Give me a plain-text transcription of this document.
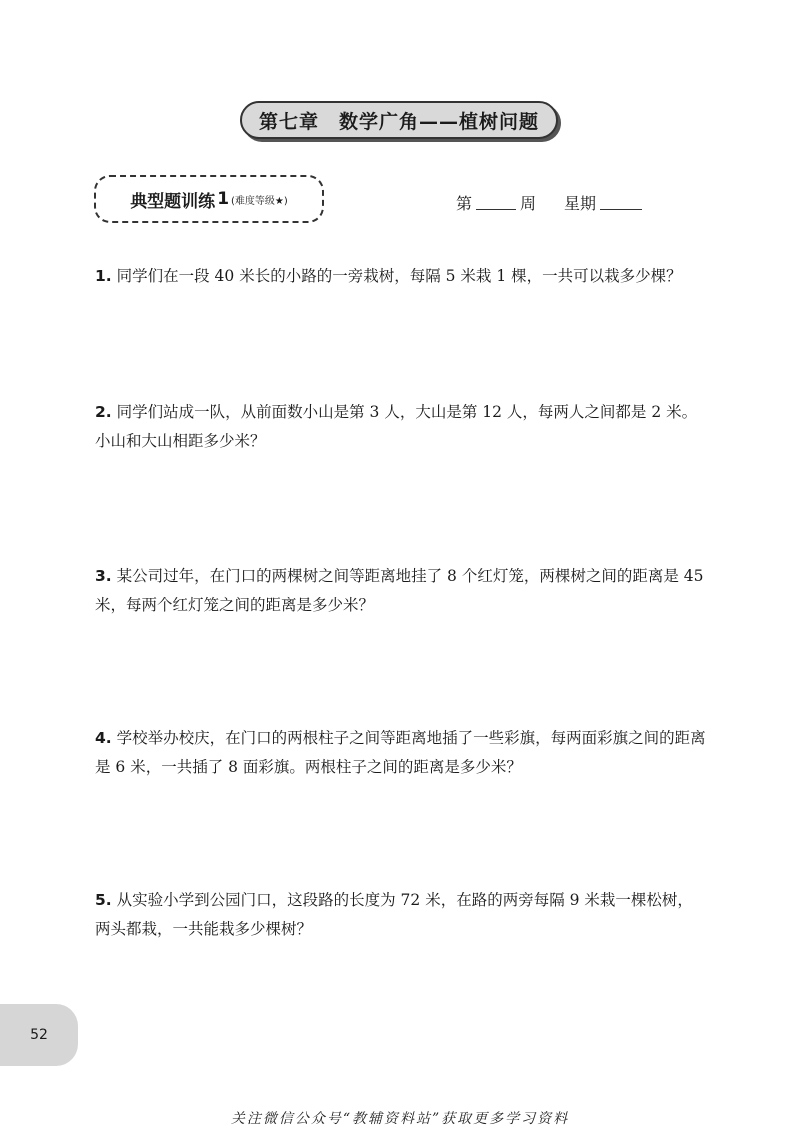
第七章　数学广角——植树问题
典型题训练 1 (难度等级★)	第	周 星期
1. 同学们在一段 40 米长的小路的一旁栽树，每隔 5 米栽 1 棵，一共可以栽多少棵？
2. 同学们站成一队，从前面数小山是第 3 人，大山是第 12 人，每两人之间都是 2 米。小山和大山相距多少米？
3. 某公司过年，在门口的两棵树之间等距离地挂了 8 个红灯笼，两棵树之间的距离是 45 米，每两个红灯笼之间的距离是多少米？
4. 学校举办校庆，在门口的两根柱子之间等距离地插了一些彩旗，每两面彩旗之间的距离是 6 米，一共插了 8 面彩旗。两根柱子之间的距离是多少米？
5. 从实验小学到公园门口，这段路的长度为 72 米，在路的两旁每隔 9 米栽一棵松树，两头都栽，一共能栽多少棵树？
52
关注微信公众号“教辅资料站”获取更多学习资料
